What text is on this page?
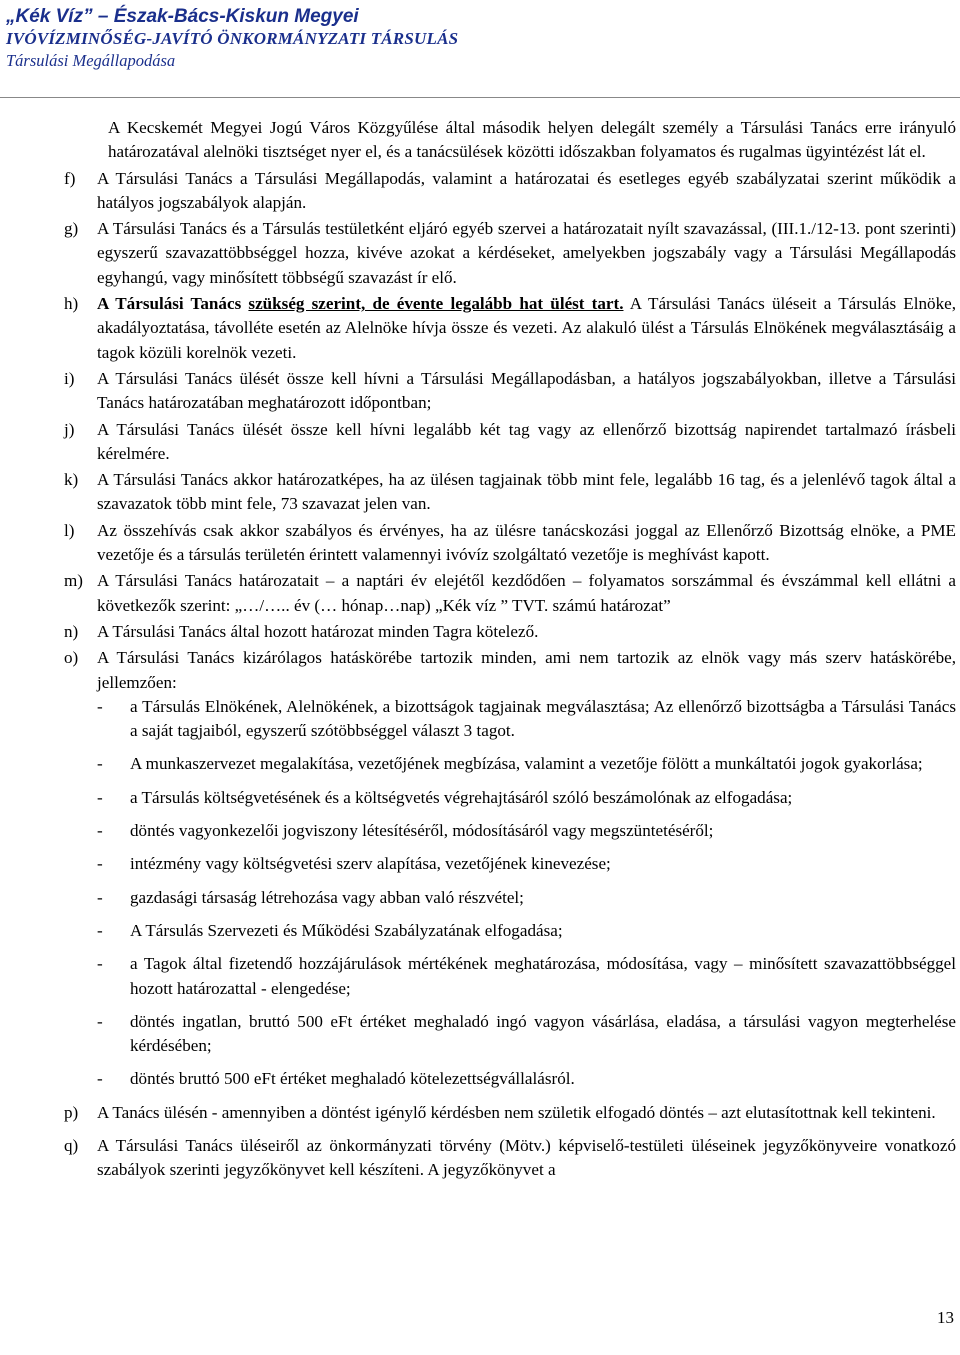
„Kék Víz” – Észak-Bács-Kiskun Megyei
IVÓVÍZMINŐSÉG-JAVÍTÓ ÖNKORMÁNYZATI TÁRSULÁS
Társulási Megállapodása
A Kecskemét Megyei Jogú Város Közgyűlése által második helyen delegált személy a Társulási Tanács erre irányuló határozatával alelnöki tisztséget nyer el, és a tanácsülések közötti időszakban folyamatos és rugalmas ügyintézést lát el.
f) A Társulási Tanács a Társulási Megállapodás, valamint a határozatai és esetleges egyéb szabályzatai szerint működik a hatályos jogszabályok alapján.
g) A Társulási Tanács és a Társulás testületként eljáró egyéb szervei a határozatait nyílt szavazással, (III.1./12-13. pont szerinti) egyszerű szavazattöbbséggel hozza, kivéve azokat a kérdéseket, amelyekben jogszabály vagy a Társulási Megállapodás egyhangú, vagy minősített többségű szavazást ír elő.
h) A Társulási Tanács szükség szerint, de évente legalább hat ülést tart. A Társulási Tanács üléseit a Társulás Elnöke, akadályoztatása, távolléte esetén az Alelnöke hívja össze és vezeti. Az alakuló ülést a Társulás Elnökének megválasztásáig a tagok közüli korelnök vezeti.
i) A Társulási Tanács ülését össze kell hívni a Társulási Megállapodásban, a hatályos jogszabályokban, illetve a Társulási Tanács határozatában meghatározott időpontban;
j) A Társulási Tanács ülését össze kell hívni legalább két tag vagy az ellenőrző bizottság napirendet tartalmazó írásbeli kérelmére.
k) A Társulási Tanács akkor határozatképes, ha az ülésen tagjainak több mint fele, legalább 16 tag, és a jelenlévő tagok által a szavazatok több mint fele, 73 szavazat jelen van.
l) Az összehívás csak akkor szabályos és érvényes, ha az ülésre tanácskozási joggal az Ellenőrző Bizottság elnöke, a PME vezetője és a társulás területén érintett valamennyi ivóvíz szolgáltató vezetője is meghívást kapott.
m) A Társulási Tanács határozatait – a naptári év elejétől kezdődően – folyamatos sorszámmal és évszámmal kell ellátni a következők szerint: „…/….. év (… hónap…nap) „Kék víz ” TVT. számú határozat”
n) A Társulási Tanács által hozott határozat minden Tagra kötelező.
o) A Társulási Tanács kizárólagos hatáskörébe tartozik minden, ami nem tartozik az elnök vagy más szerv hatáskörébe, jellemzően:
- a Társulás Elnökének, Alelnökének, a bizottságok tagjainak megválasztása; Az ellenőrző bizottságba a Társulási Tanács a saját tagjaiból, egyszerű szótöbbséggel választ 3 tagot.
- A munkaszervezet megalakítása, vezetőjének megbízása, valamint a vezetője fölött a munkáltatói jogok gyakorlása;
- a Társulás költségvetésének és a költségvetés végrehajtásáról szóló beszámolónak az elfogadása;
- döntés vagyonkezelői jogviszony létesítéséről, módosításáról vagy megszüntetéséről;
- intézmény vagy költségvetési szerv alapítása, vezetőjének kinevezése;
- gazdasági társaság létrehozása vagy abban való részvétel;
- A Társulás Szervezeti és Működési Szabályzatának elfogadása;
- a Tagok által fizetendő hozzájárulások mértékének meghatározása, módosítása, vagy – minősített szavazattöbbséggel hozott határozattal - elengedése;
- döntés ingatlan, bruttó 500 eFt értéket meghaladó ingó vagyon vásárlása, eladása, a társulási vagyon megterhelése kérdésében;
- döntés bruttó 500 eFt értéket meghaladó kötelezettségvállalásról.
p) A Tanács ülésén - amennyiben a döntést igénylő kérdésben nem születik elfogadó döntés – azt elutasítottnak kell tekinteni.
q) A Társulási Tanács üléseiről az önkormányzati törvény (Mötv.) képviselő-testületi üléseinek jegyzőkönyveire vonatkozó szabályok szerinti jegyzőkönyvet kell készíteni. A jegyzőkönyvet a
13
